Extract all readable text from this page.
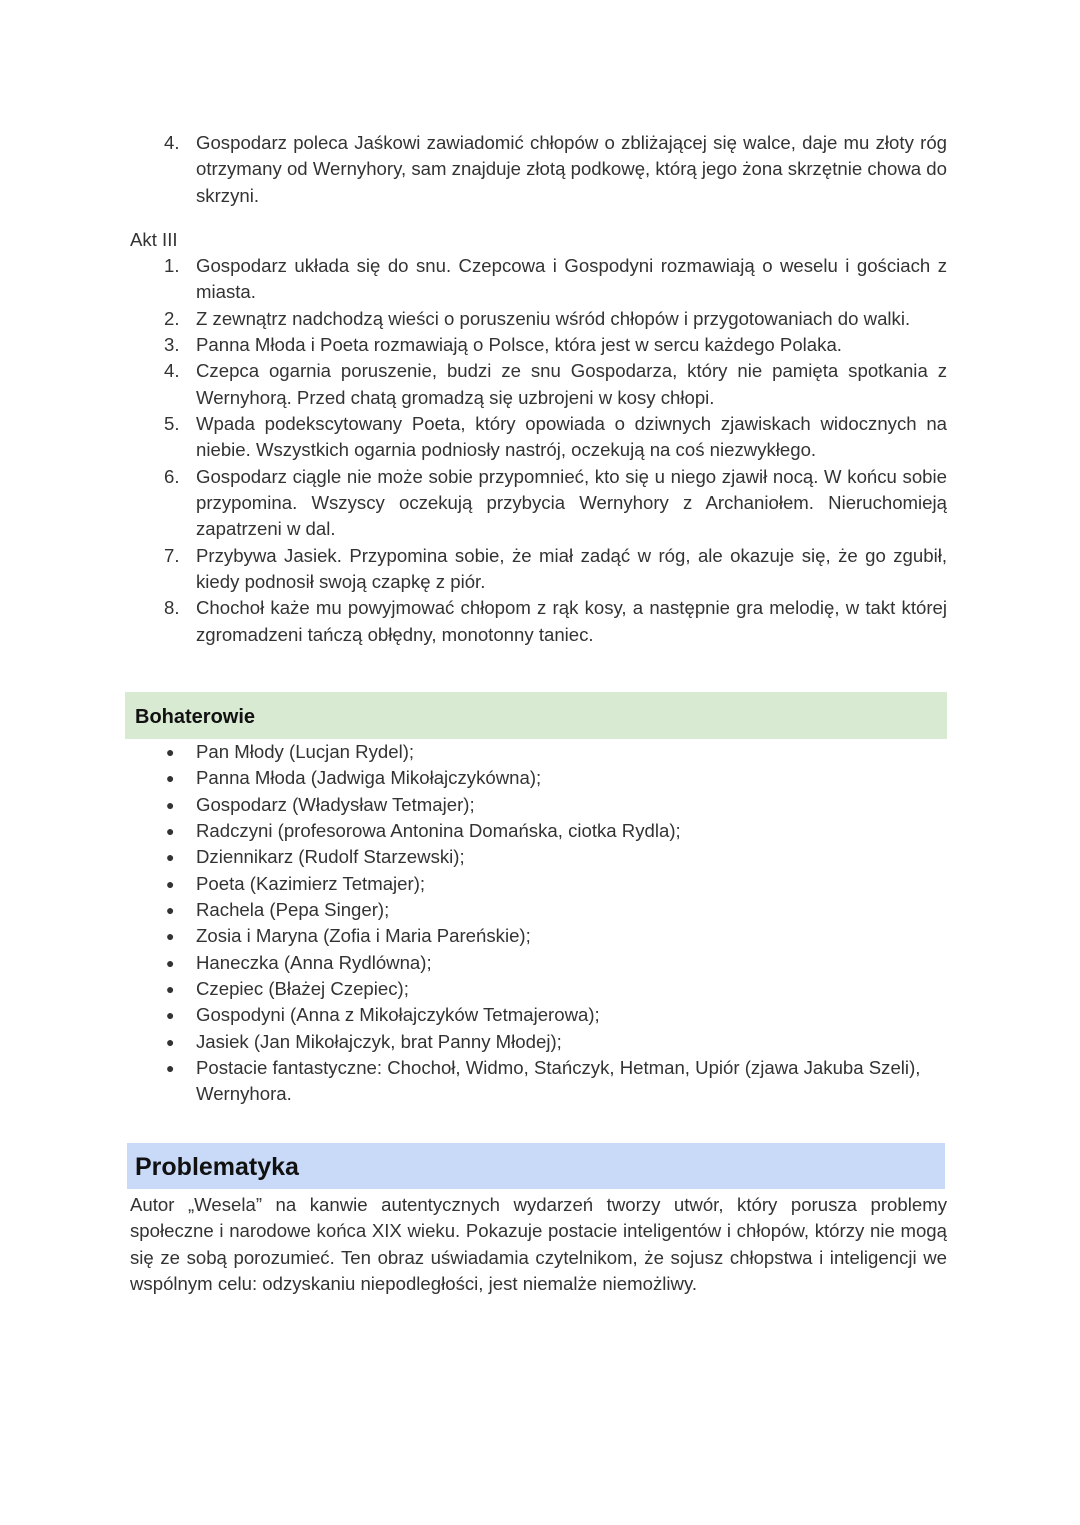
4. Gospodarz poleca Jaśkowi zawiadomić chłopów o zbliżającej się walce, daje mu złoty róg otrzymany od Wernyhory, sam znajduje złotą podkowę, którą jego żona skrzętnie chowa do skrzyni.
Akt III
1. Gospodarz układa się do snu. Czepcowa i Gospodyni rozmawiają o weselu i gościach z miasta.
2. Z zewnątrz nadchodzą wieści o poruszeniu wśród chłopów i przygotowaniach do walki.
3. Panna Młoda i Poeta rozmawiają o Polsce, która jest w sercu każdego Polaka.
4. Czepca ogarnia poruszenie, budzi ze snu Gospodarza, który nie pamięta spotkania z Wernyhorą. Przed chatą gromadzą się uzbrojeni w kosy chłopi.
5. Wpada podekscytowany Poeta, który opowiada o dziwnych zjawiskach widocznych na niebie. Wszystkich ogarnia podniosły nastrój, oczekują na coś niezwykłego.
6. Gospodarz ciągle nie może sobie przypomnieć, kto się u niego zjawił nocą. W końcu sobie przypomina. Wszyscy oczekują przybycia Wernyhory z Archaniołem. Nieruchomieją zapatrzeni w dal.
7. Przybywa Jasiek. Przypomina sobie, że miał zadąć w róg, ale okazuje się, że go zgubił, kiedy podnosił swoją czapkę z piór.
8. Chochoł każe mu powyjmować chłopom z rąk kosy, a następnie gra melodię, w takt której zgromadzeni tańczą obłędny, monotonny taniec.
Bohaterowie
● Pan Młody (Lucjan Rydel);
● Panna Młoda (Jadwiga Mikołajczykówna);
● Gospodarz (Władysław Tetmajer);
● Radczyni (profesorowa Antonina Domańska, ciotka Rydla);
● Dziennikarz (Rudolf Starzewski);
● Poeta (Kazimierz Tetmajer);
● Rachela (Pepa Singer);
● Zosia i Maryna (Zofia i Maria Pareńskie);
● Haneczka (Anna Rydlówna);
● Czepiec (Błażej Czepiec);
● Gospodyni (Anna z Mikołajczyków Tetmajerowa);
● Jasiek (Jan Mikołajczyk, brat Panny Młodej);
● Postacie fantastyczne: Chochoł, Widmo, Stańczyk, Hetman, Upiór (zjawa Jakuba Szeli), Wernyhora.
Problematyka

Autor „Wesela” na kanwie autentycznych wydarzeń tworzy utwór, który porusza problemy społeczne i narodowe końca XIX wieku. Pokazuje postacie inteligentów i chłopów, którzy nie mogą się ze sobą porozumieć. Ten obraz uświadamia czytelnikom, że sojusz chłopstwa i inteligencji we wspólnym celu: odzyskaniu niepodległości, jest niemalże niemożliwy.
